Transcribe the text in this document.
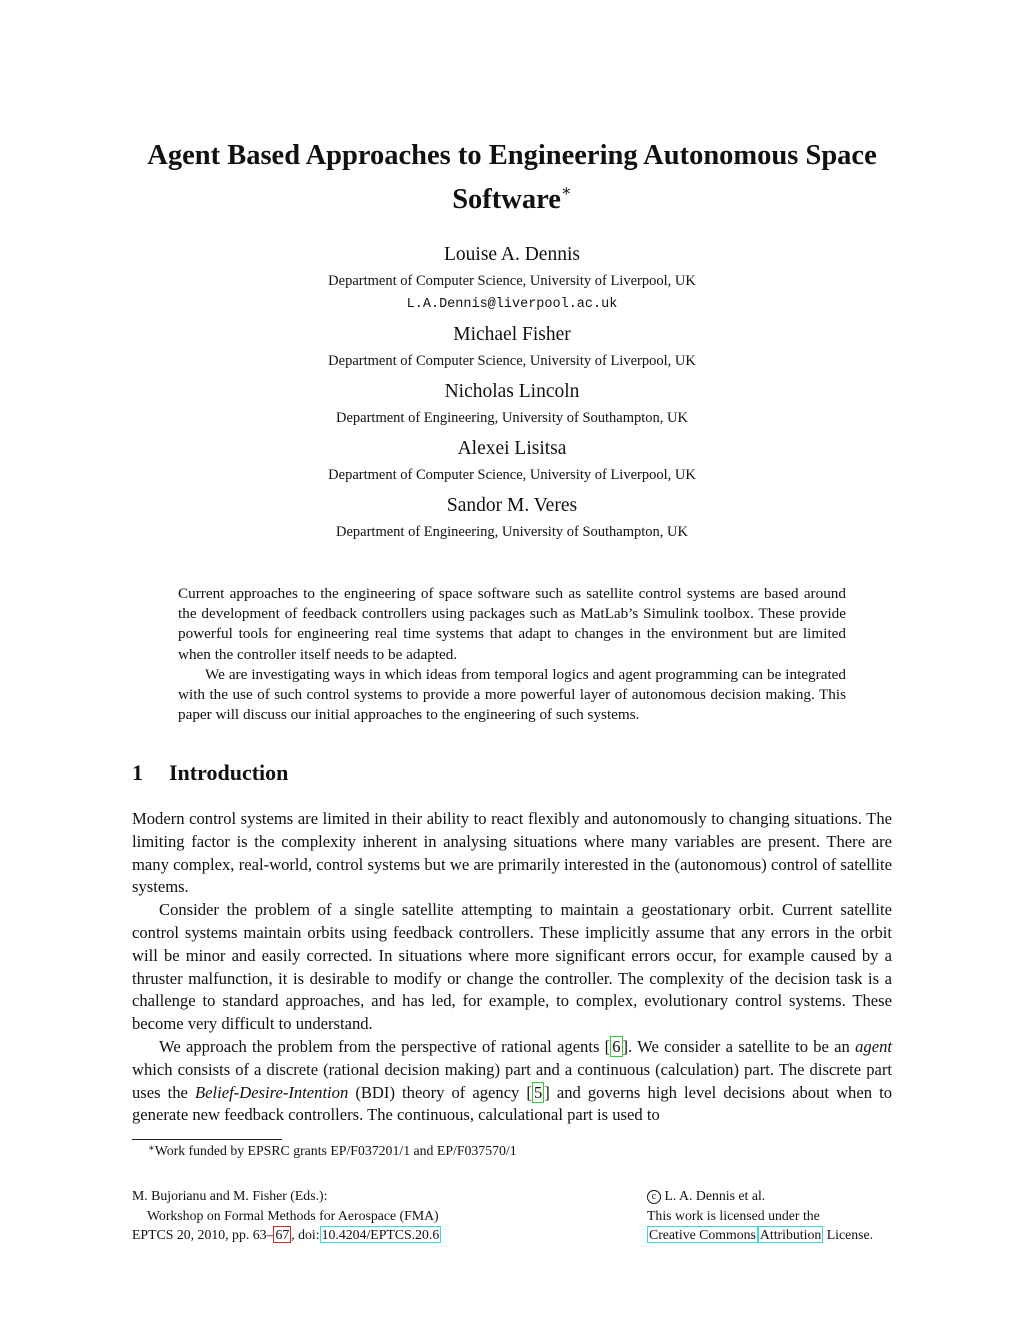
Agent Based Approaches to Engineering Autonomous Space
Software∗
Louise A. Dennis
Department of Computer Science, University of Liverpool, UK
L.A.Dennis@liverpool.ac.uk
Michael Fisher
Department of Computer Science, University of Liverpool, UK
Nicholas Lincoln
Department of Engineering, University of Southampton, UK
Alexei Lisitsa
Department of Computer Science, University of Liverpool, UK
Sandor M. Veres
Department of Engineering, University of Southampton, UK

Current approaches to the engineering of space software such as satellite control systems are based around the development of feedback controllers using packages such as MatLab’s Simulink toolbox. These provide powerful tools for engineering real time systems that adapt to changes in the environment but are limited when the controller itself needs to be adapted.

We are investigating ways in which ideas from temporal logics and agent programming can be integrated with the use of such control systems to provide a more powerful layer of autonomous decision making. This paper will discuss our initial approaches to the engineering of such systems.

1 Introduction

Modern control systems are limited in their ability to react flexibly and autonomously to changing situations. The limiting factor is the complexity inherent in analysing situations where many variables are present. There are many complex, real-world, control systems but we are primarily interested in the (autonomous) control of satellite systems.

Consider the problem of a single satellite attempting to maintain a geostationary orbit. Current satellite control systems maintain orbits using feedback controllers. These implicitly assume that any errors in the orbit will be minor and easily corrected. In situations where more significant errors occur, for example caused by a thruster malfunction, it is desirable to modify or change the controller. The complexity of the decision task is a challenge to standard approaches, and has led, for example, to complex, evolutionary control systems. These become very difficult to understand.

We approach the problem from the perspective of rational agents [ 6 ]. We consider a satellite to be an agent which consists of a discrete (rational decision making) part and a continuous (calculation) part. The discrete part uses the Belief-Desire-Intention (BDI) theory of agency [ 5 ] and governs high level decisions about when to generate new feedback controllers. The continuous, calculational part is used to

∗Work funded by EPSRC grants EP/F037201/1 and EP/F037570/1
M. Bujorianu and M. Fisher (Eds.):
Workshop on Formal Methods for Aerospace (FMA)
EPTCS 20, 2010, pp. 63– 67 , doi: 10.4204/EPTCS.20.6
c L. A. Dennis et al.
This work is licensed under the
Creative Commons Attribution License.
